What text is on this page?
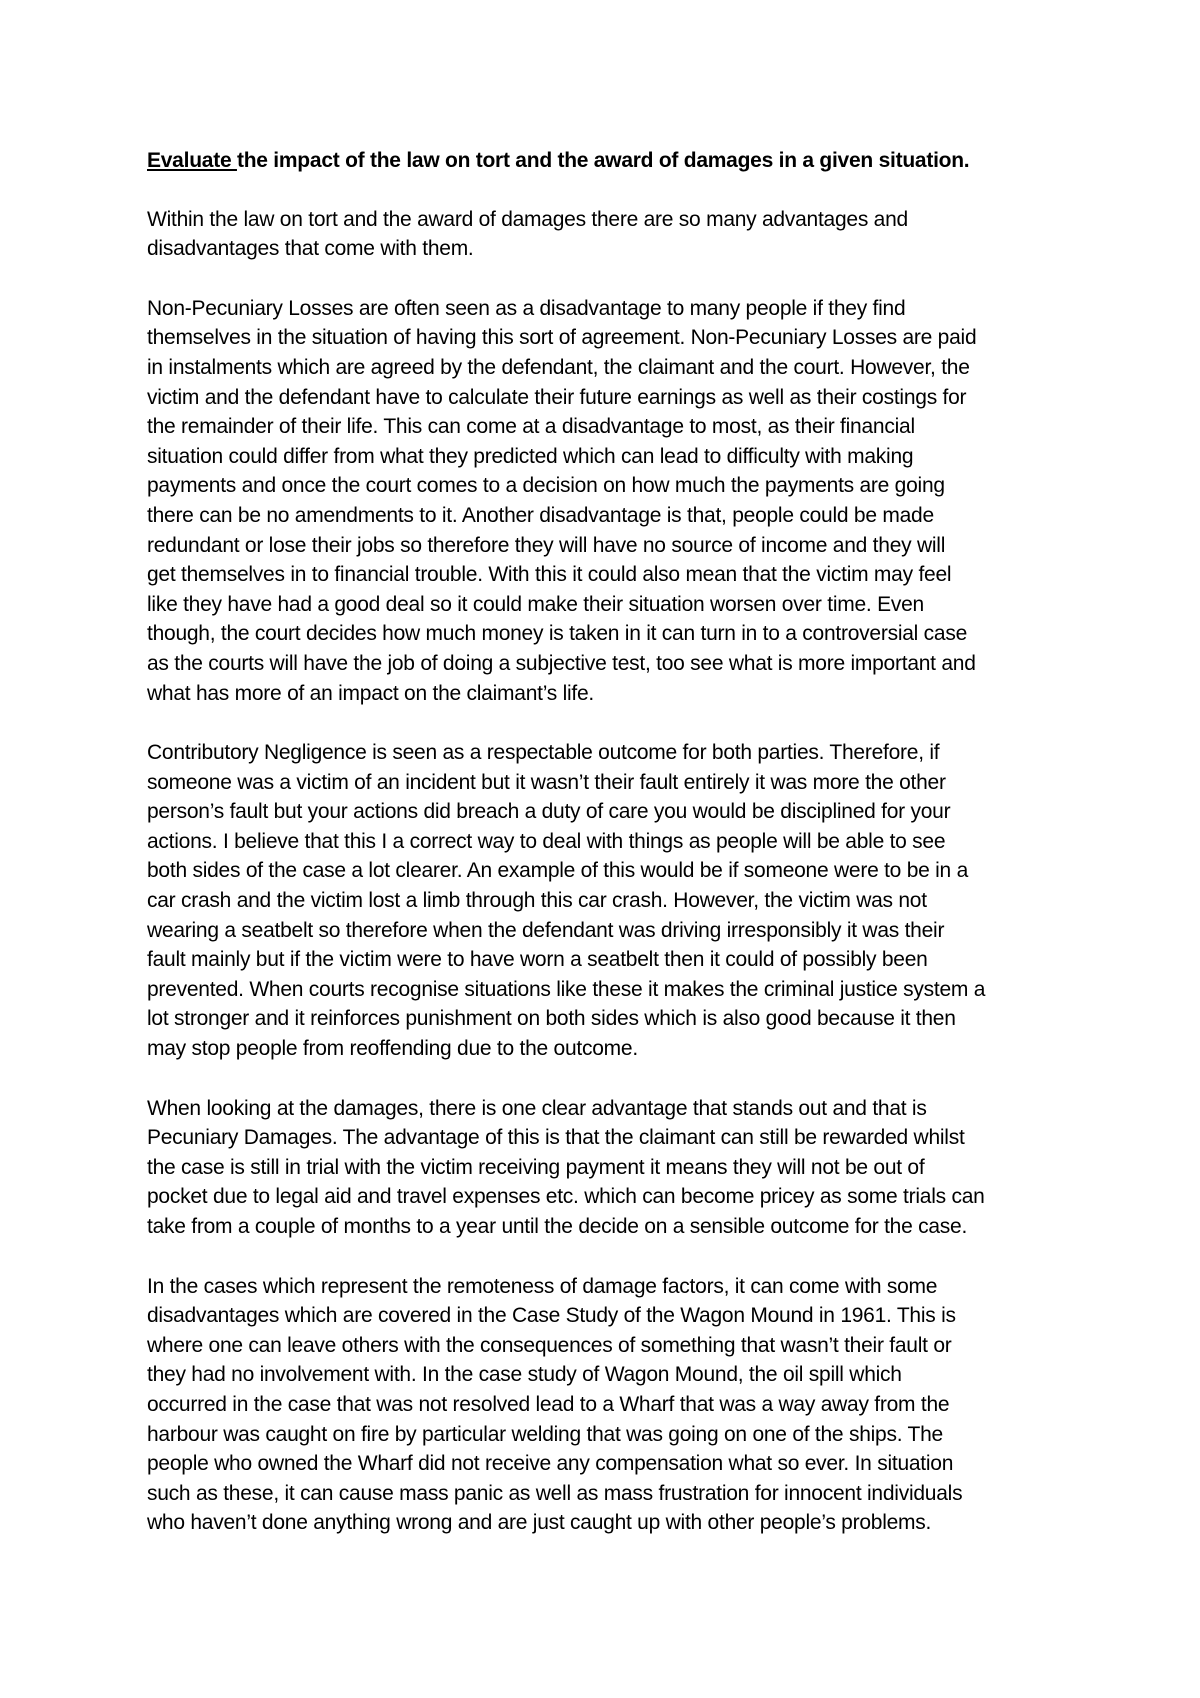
Evaluate the impact of the law on tort and the award of damages in a given situation.
Within the law on tort and the award of damages there are so many advantages and
disadvantages that come with them.
Non-Pecuniary Losses are often seen as a disadvantage to many people if they find
themselves in the situation of having this sort of agreement. Non-Pecuniary Losses are paid
in instalments which are agreed by the defendant, the claimant and the court. However, the
victim and the defendant have to calculate their future earnings as well as their costings for
the remainder of their life. This can come at a disadvantage to most, as their financial
situation could differ from what they predicted which can lead to difficulty with making
payments and once the court comes to a decision on how much the payments are going
there can be no amendments to it. Another disadvantage is that, people could be made
redundant or lose their jobs so therefore they will have no source of income and they will
get themselves in to financial trouble. With this it could also mean that the victim may feel
like they have had a good deal so it could make their situation worsen over time. Even
though, the court decides how much money is taken in it can turn in to a controversial case
as the courts will have the job of doing a subjective test, too see what is more important and
what has more of an impact on the claimant’s life.
Contributory Negligence is seen as a respectable outcome for both parties. Therefore, if
someone was a victim of an incident but it wasn’t their fault entirely it was more the other
person’s fault but your actions did breach a duty of care you would be disciplined for your
actions. I believe that this I a correct way to deal with things as people will be able to see
both sides of the case a lot clearer. An example of this would be if someone were to be in a
car crash and the victim lost a limb through this car crash. However, the victim was not
wearing a seatbelt so therefore when the defendant was driving irresponsibly it was their
fault mainly but if the victim were to have worn a seatbelt then it could of possibly been
prevented. When courts recognise situations like these it makes the criminal justice system a
lot stronger and it reinforces punishment on both sides which is also good because it then
may stop people from reoffending due to the outcome.
When looking at the damages, there is one clear advantage that stands out and that is
Pecuniary Damages. The advantage of this is that the claimant can still be rewarded whilst
the case is still in trial with the victim receiving payment it means they will not be out of
pocket due to legal aid and travel expenses etc. which can become pricey as some trials can
take from a couple of months to a year until the decide on a sensible outcome for the case.
In the cases which represent the remoteness of damage factors, it can come with some
disadvantages which are covered in the Case Study of the Wagon Mound in 1961. This is
where one can leave others with the consequences of something that wasn’t their fault or
they had no involvement with. In the case study of Wagon Mound, the oil spill which
occurred in the case that was not resolved lead to a Wharf that was a way away from the
harbour was caught on fire by particular welding that was going on one of the ships. The
people who owned the Wharf did not receive any compensation what so ever. In situation
such as these, it can cause mass panic as well as mass frustration for innocent individuals
who haven’t done anything wrong and are just caught up with other people’s problems.
